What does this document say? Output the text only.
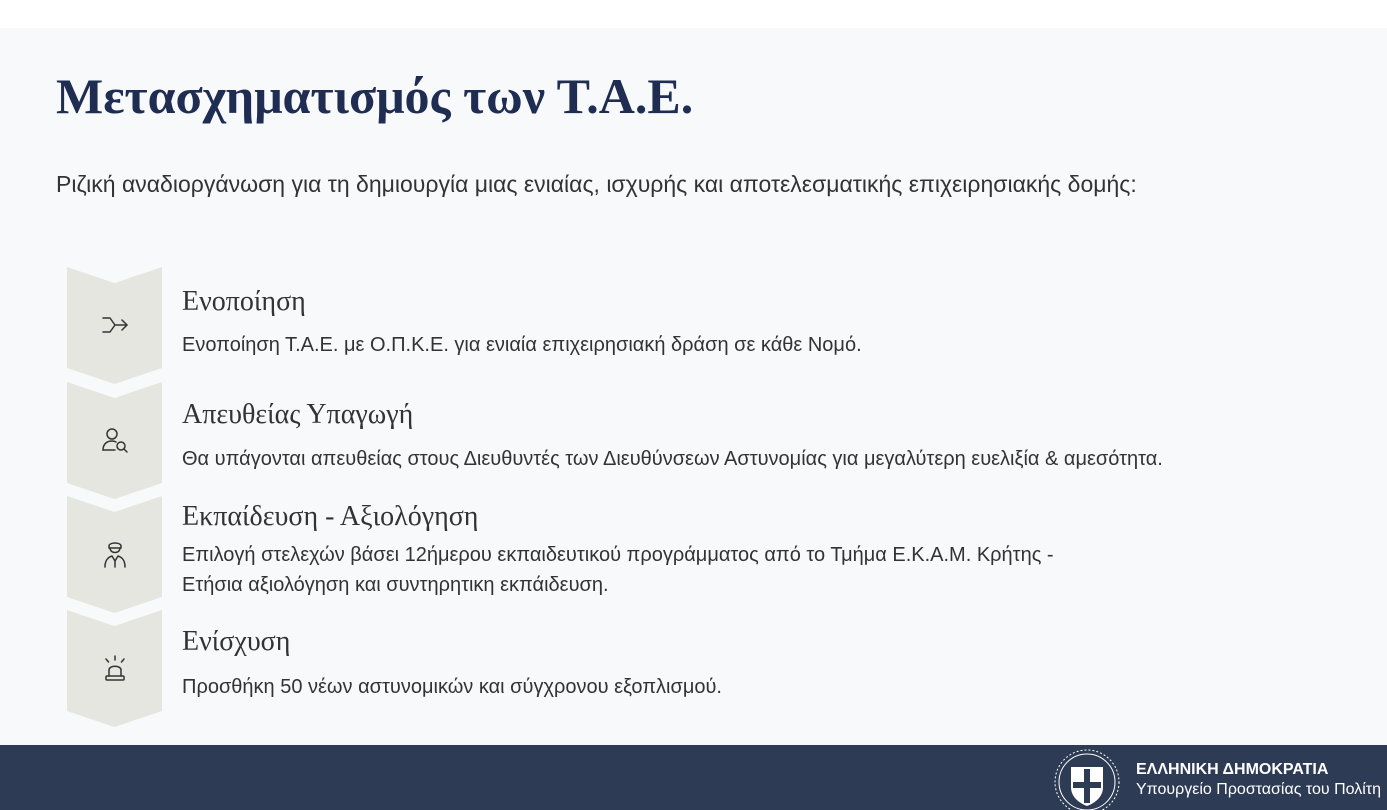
Μετασχηματισμός των Τ.Α.Ε.

Ριζική αναδιοργάνωση για τη δημιουργία μιας ενιαίας, ισχυρής και αποτελεσματικής επιχειρησιακής δομής:

Ενοποίηση

Ενοποίηση Τ.Α.Ε. με Ο.Π.Κ.Ε. για ενιαία επιχειρησιακή δράση σε κάθε Νομό.

Απευθείας Υπαγωγή

Θα υπάγονται απευθείας στους Διευθυντές των Διευθύνσεων Αστυνομίας για μεγαλύτερη ευελιξία & αμεσότητα.

Εκπαίδευση - Αξιολόγηση

Επιλογή στελεχών βάσει 12ήμερου εκπαιδευτικού προγράμματος από το Τμήμα Ε.Κ.Α.Μ. Κρήτης -

Ετήσια αξιολόγηση και συντηρητικη εκπάιδευση.

Ενίσχυση

Προσθήκη 50 νέων αστυνομικών και σύγχρονου εξοπλισμού.

ΕΛΛΗΝΙΚΗ ΔΗΜΟΚΡΑΤΙΑ
Υπουργείο Προστασίας του Πολίτη
